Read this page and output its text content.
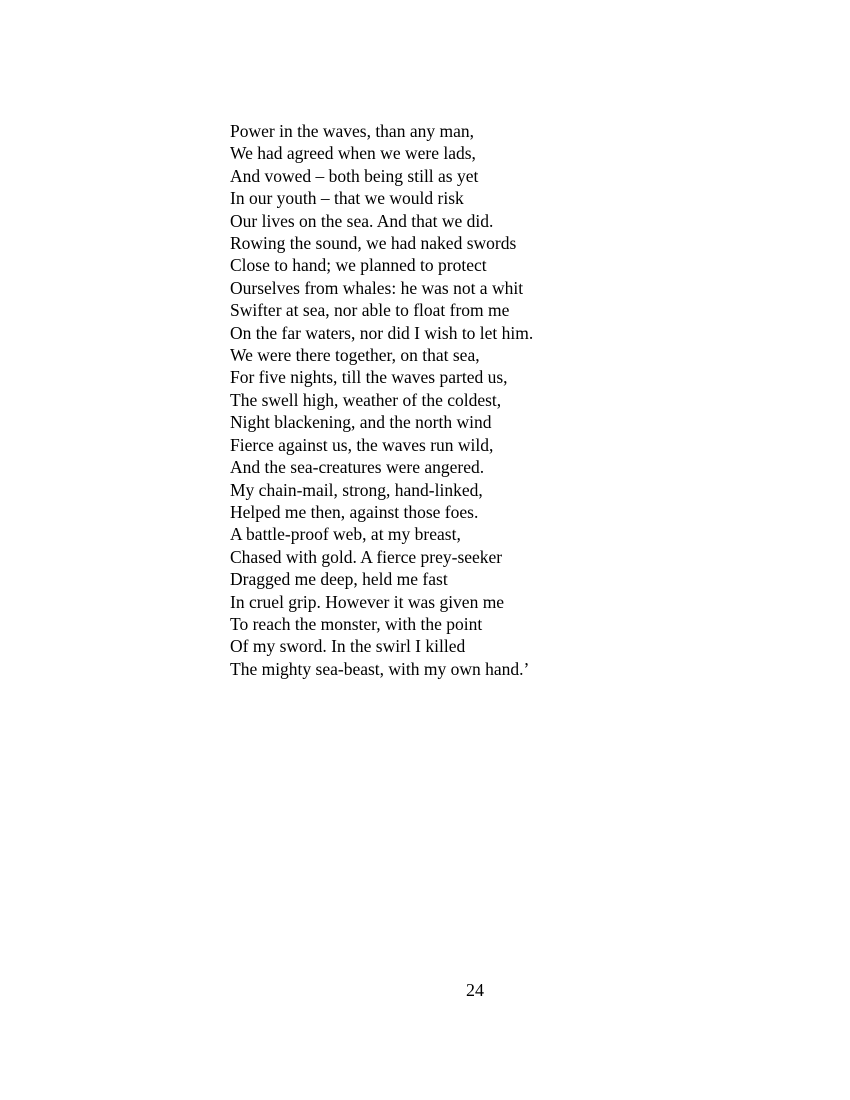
Power in the waves, than any man,
We had agreed when we were lads,
And vowed – both being still as yet
In our youth – that we would risk
Our lives on the sea. And that we did.
Rowing the sound, we had naked swords
Close to hand; we planned to protect
Ourselves from whales: he was not a whit
Swifter at sea, nor able to float from me
On the far waters, nor did I wish to let him.
We were there together, on that sea,
For five nights, till the waves parted us,
The swell high, weather of the coldest,
Night blackening, and the north wind
Fierce against us, the waves run wild,
And the sea-creatures were angered.
My chain-mail, strong, hand-linked,
Helped me then, against those foes.
A battle-proof web, at my breast,
Chased with gold. A fierce prey-seeker
Dragged me deep, held me fast
In cruel grip. However it was given me
To reach the monster, with the point
Of my sword. In the swirl I killed
The mighty sea-beast, with my own hand.’
24
